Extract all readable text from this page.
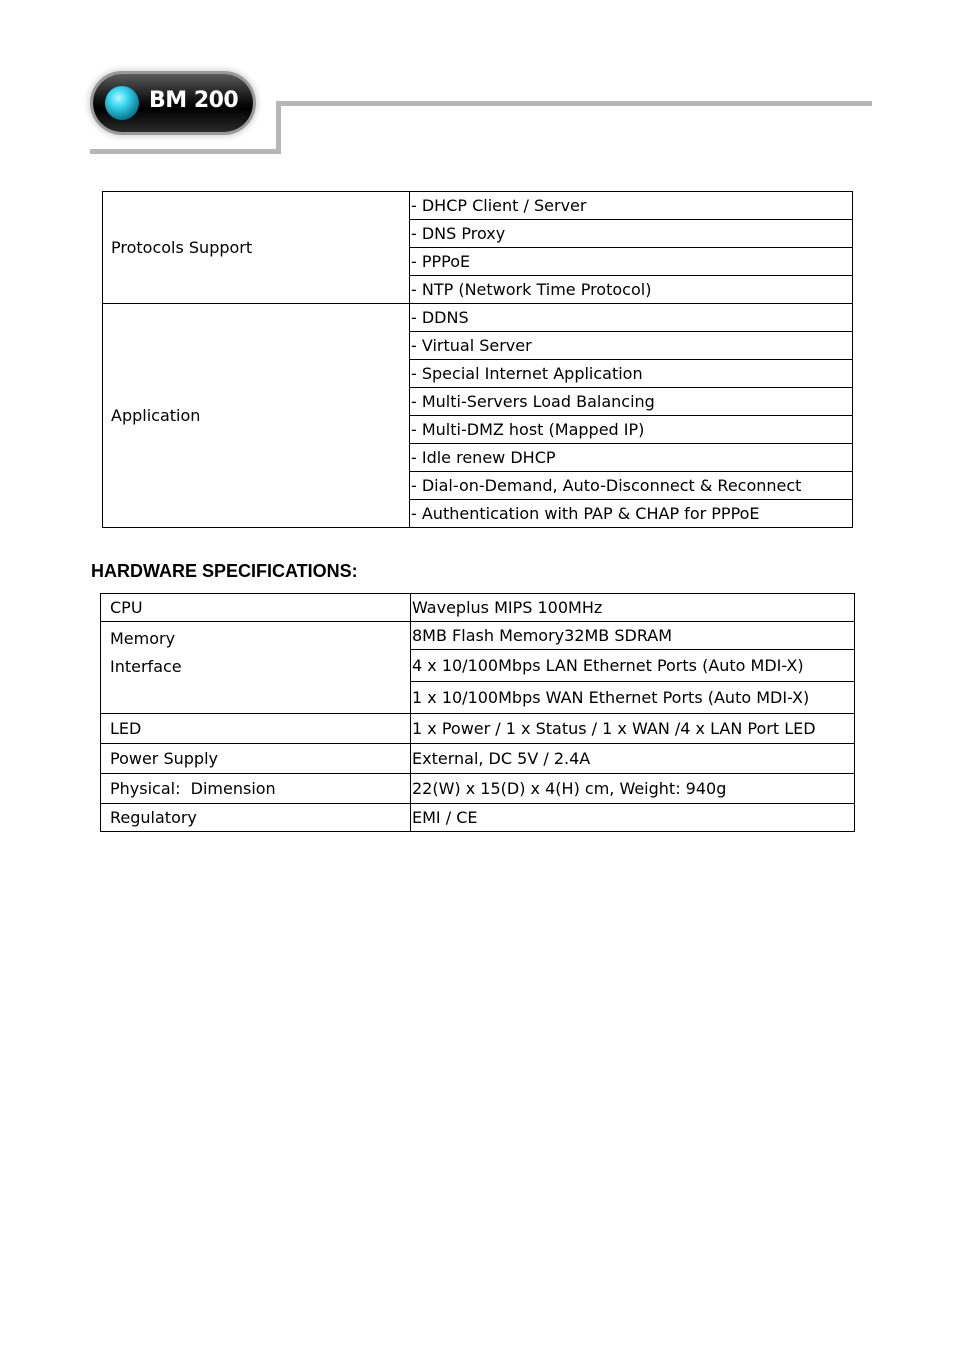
BM 200
Protocols Support	- DHCP Client / Server
	- DNS Proxy
	- PPPoE
	- NTP (Network Time Protocol)
Application	- DDNS
	- Virtual Server
	- Special Internet Application
	- Multi-Servers Load Balancing
	- Multi-DMZ host (Mapped IP)
	- Idle renew DHCP
	- Dial-on-Demand, Auto-Disconnect & Reconnect
	- Authentication with PAP & CHAP for PPPoE
HARDWARE SPECIFICATIONS:
CPU	Waveplus MIPS 100MHz

Memory
Interface	8MB Flash Memory32MB SDRAM
	4 x 10/100Mbps LAN Ethernet Ports (Auto MDI-X)
	1 x 10/100Mbps WAN Ethernet Ports (Auto MDI-X)
LED	1 x Power / 1 x Status / 1 x WAN /4 x LAN Port LED
Power Supply	External, DC 5V / 2.4A
Physical:  Dimension	22(W) x 15(D) x 4(H) cm, Weight: 940g
Regulatory	EMI / CE
